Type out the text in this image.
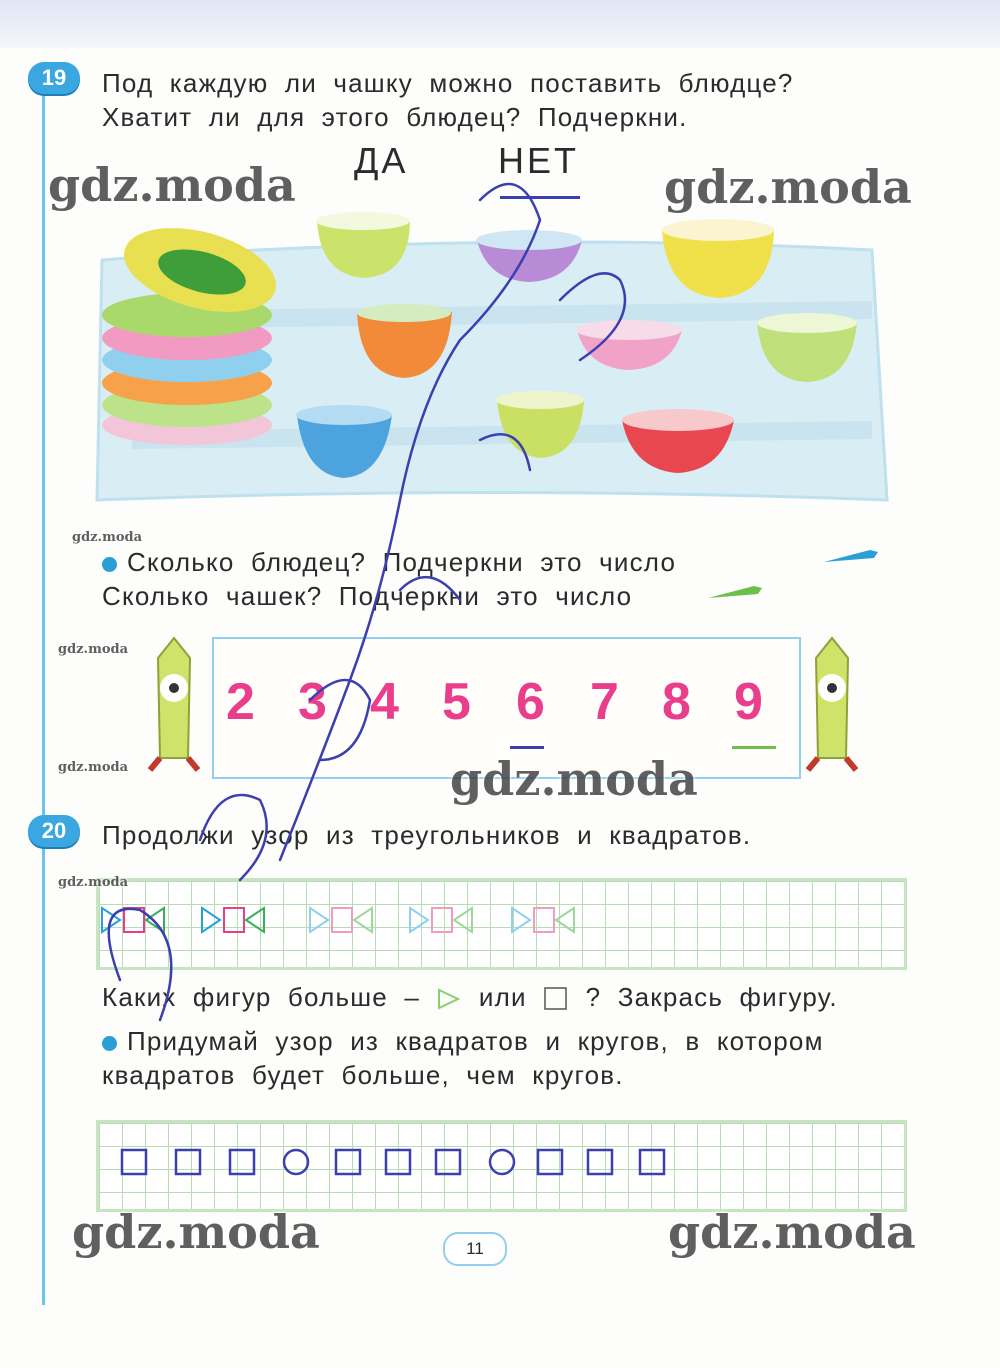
19	Под каждую ли чашку можно поставить блюдце?
Хватит ли для этого блюдец? Подчеркни.
ДА НЕТ
Сколько блюдец? Подчеркни это число
Сколько чашек? Подчеркни это число
2 3 4 5 6 7 8 9
20	Продолжи узор из треугольников и квадратов.
Каких фигур больше – или ? Закрась фигуру.
Придумай узор из квадратов и кругов, в котором
квадратов будет больше, чем кругов.
11
gdz.moda	gdz.moda
gdz.moda
gdz.moda	gdz.moda
gdz.moda
gdz.moda
gdz.moda
gdz.moda
